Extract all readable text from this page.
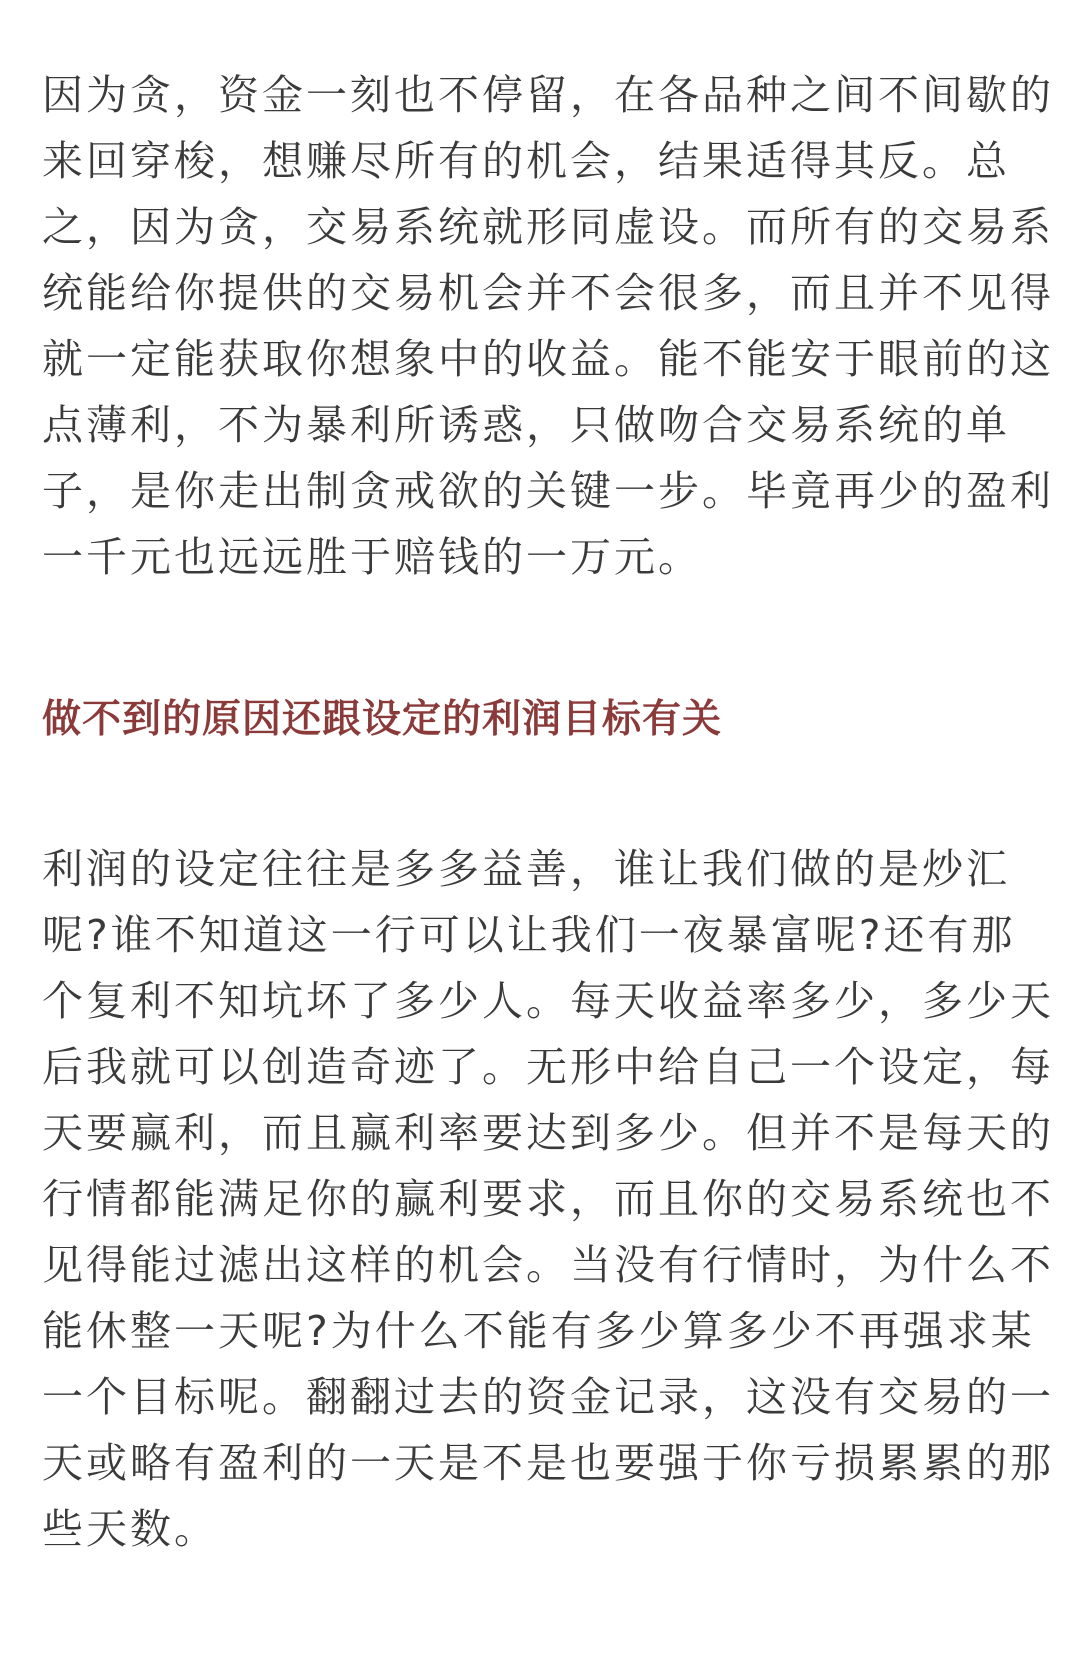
因为贪，资金一刻也不停留，在各品种之间不间歇的
来回穿梭，想赚尽所有的机会，结果适得其反。总
之，因为贪，交易系统就形同虚设。而所有的交易系
统能给你提供的交易机会并不会很多，而且并不见得
就一定能获取你想象中的收益。能不能安于眼前的这
点薄利，不为暴利所诱惑，只做吻合交易系统的单
子，是你走出制贪戒欲的关键一步。毕竟再少的盈利
一千元也远远胜于赔钱的一万元。
做不到的原因还跟设定的利润目标有关
利润的设定往往是多多益善，谁让我们做的是炒汇
呢?谁不知道这一行可以让我们一夜暴富呢?还有那
个复利不知坑坏了多少人。每天收益率多少，多少天
后我就可以创造奇迹了。无形中给自己一个设定，每
天要赢利，而且赢利率要达到多少。但并不是每天的
行情都能满足你的赢利要求，而且你的交易系统也不
见得能过滤出这样的机会。当没有行情时，为什么不
能休整一天呢?为什么不能有多少算多少不再强求某
一个目标呢。翻翻过去的资金记录，这没有交易的一
天或略有盈利的一天是不是也要强于你亏损累累的那
些天数。
